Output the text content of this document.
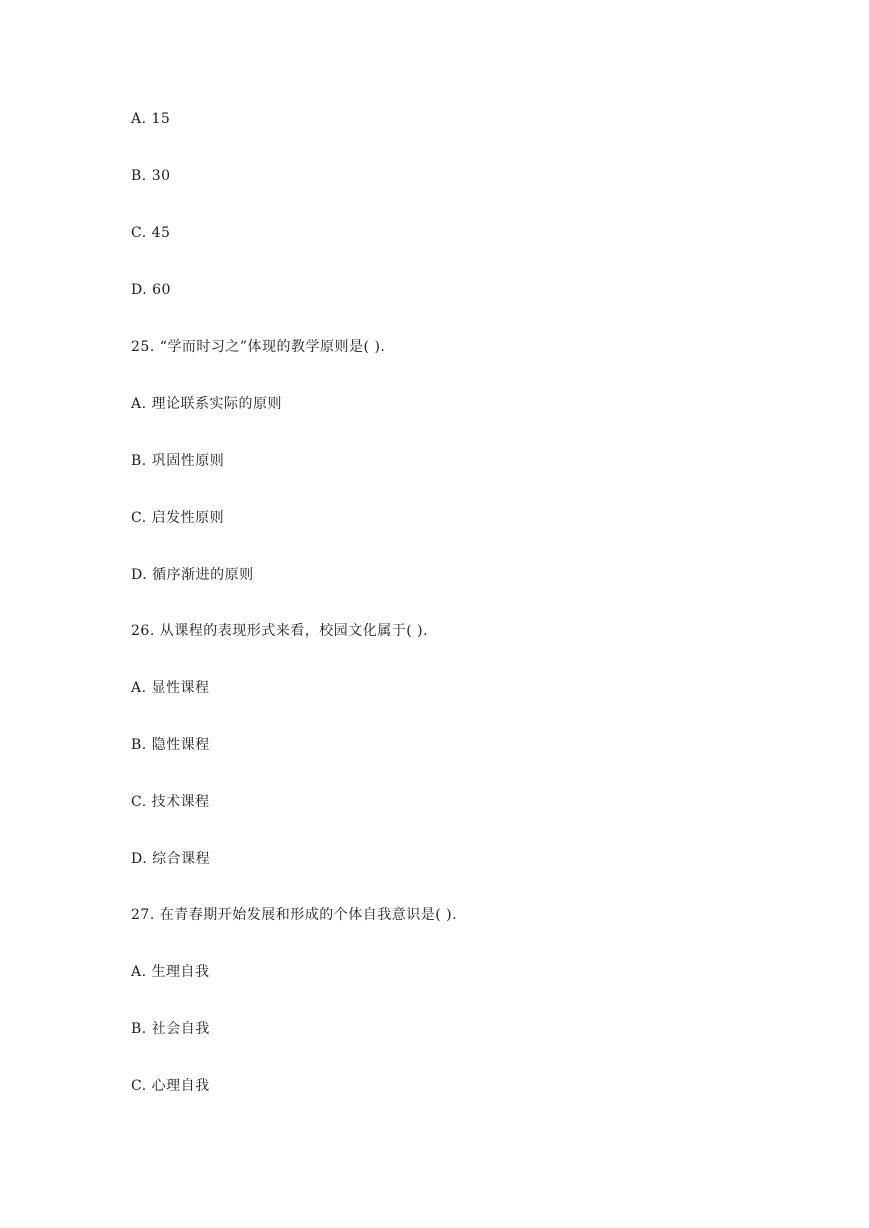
A. 15
B. 30
C. 45
D. 60
25. “学而时习之”体现的教学原则是( ).
A. 理论联系实际的原则
B. 巩固性原则
C. 启发性原则
D. 循序渐进的原则
26. 从课程的表现形式来看，校园文化属于( ).
A. 显性课程
B. 隐性课程
C. 技术课程
D. 综合课程
27. 在青春期开始发展和形成的个体自我意识是( ).
A. 生理自我
B. 社会自我
C. 心理自我
